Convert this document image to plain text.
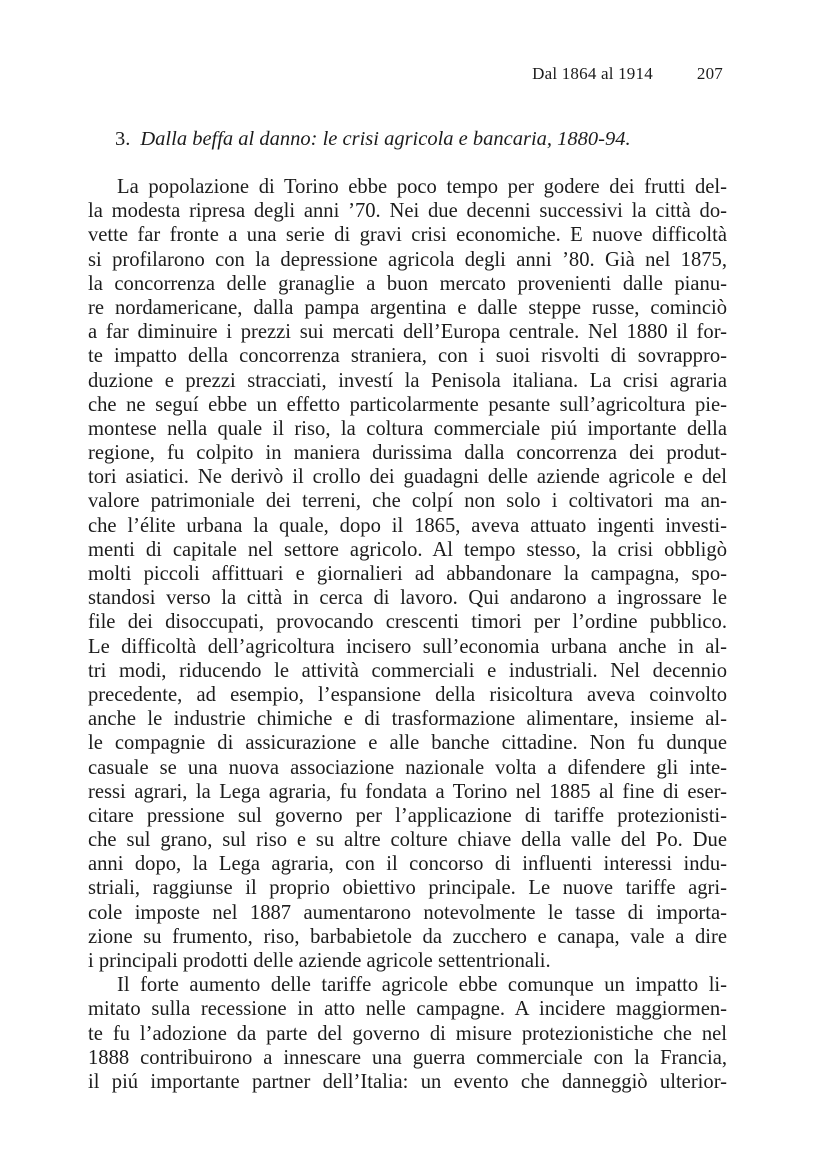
Dal 1864 al 1914	207
3. Dalla beffa al danno: le crisi agricola e bancaria, 1880-94.
La popolazione di Torino ebbe poco tempo per godere dei frutti del-
la modesta ripresa degli anni ’70. Nei due decenni successivi la città do-
vette far fronte a una serie di gravi crisi economiche. E nuove difficoltà
si profilarono con la depressione agricola degli anni ’80. Già nel 1875,
la concorrenza delle granaglie a buon mercato provenienti dalle pianu-
re nordamericane, dalla pampa argentina e dalle steppe russe, cominciò
a far diminuire i prezzi sui mercati dell’Europa centrale. Nel 1880 il for-
te impatto della concorrenza straniera, con i suoi risvolti di sovrappro-
duzione e prezzi stracciati, investí la Penisola italiana. La crisi agraria
che ne seguí ebbe un effetto particolarmente pesante sull’agricoltura pie-
montese nella quale il riso, la coltura commerciale piú importante della
regione, fu colpito in maniera durissima dalla concorrenza dei produt-
tori asiatici. Ne derivò il crollo dei guadagni delle aziende agricole e del
valore patrimoniale dei terreni, che colpí non solo i coltivatori ma an-
che l’élite urbana la quale, dopo il 1865, aveva attuato ingenti investi-
menti di capitale nel settore agricolo. Al tempo stesso, la crisi obbligò
molti piccoli affittuari e giornalieri ad abbandonare la campagna, spo-
standosi verso la città in cerca di lavoro. Qui andarono a ingrossare le
file dei disoccupati, provocando crescenti timori per l’ordine pubblico.
Le difficoltà dell’agricoltura incisero sull’economia urbana anche in al-
tri modi, riducendo le attività commerciali e industriali. Nel decennio
precedente, ad esempio, l’espansione della risicoltura aveva coinvolto
anche le industrie chimiche e di trasformazione alimentare, insieme al-
le compagnie di assicurazione e alle banche cittadine. Non fu dunque
casuale se una nuova associazione nazionale volta a difendere gli inte-
ressi agrari, la Lega agraria, fu fondata a Torino nel 1885 al fine di eser-
citare pressione sul governo per l’applicazione di tariffe protezionisti-
che sul grano, sul riso e su altre colture chiave della valle del Po. Due
anni dopo, la Lega agraria, con il concorso di influenti interessi indu-
striali, raggiunse il proprio obiettivo principale. Le nuove tariffe agri-
cole imposte nel 1887 aumentarono notevolmente le tasse di importa-
zione su frumento, riso, barbabietole da zucchero e canapa, vale a dire
i principali prodotti delle aziende agricole settentrionali.
Il forte aumento delle tariffe agricole ebbe comunque un impatto li-
mitato sulla recessione in atto nelle campagne. A incidere maggiormen-
te fu l’adozione da parte del governo di misure protezionistiche che nel
1888 contribuirono a innescare una guerra commerciale con la Francia,
il piú importante partner dell’Italia: un evento che danneggiò ulterior-
